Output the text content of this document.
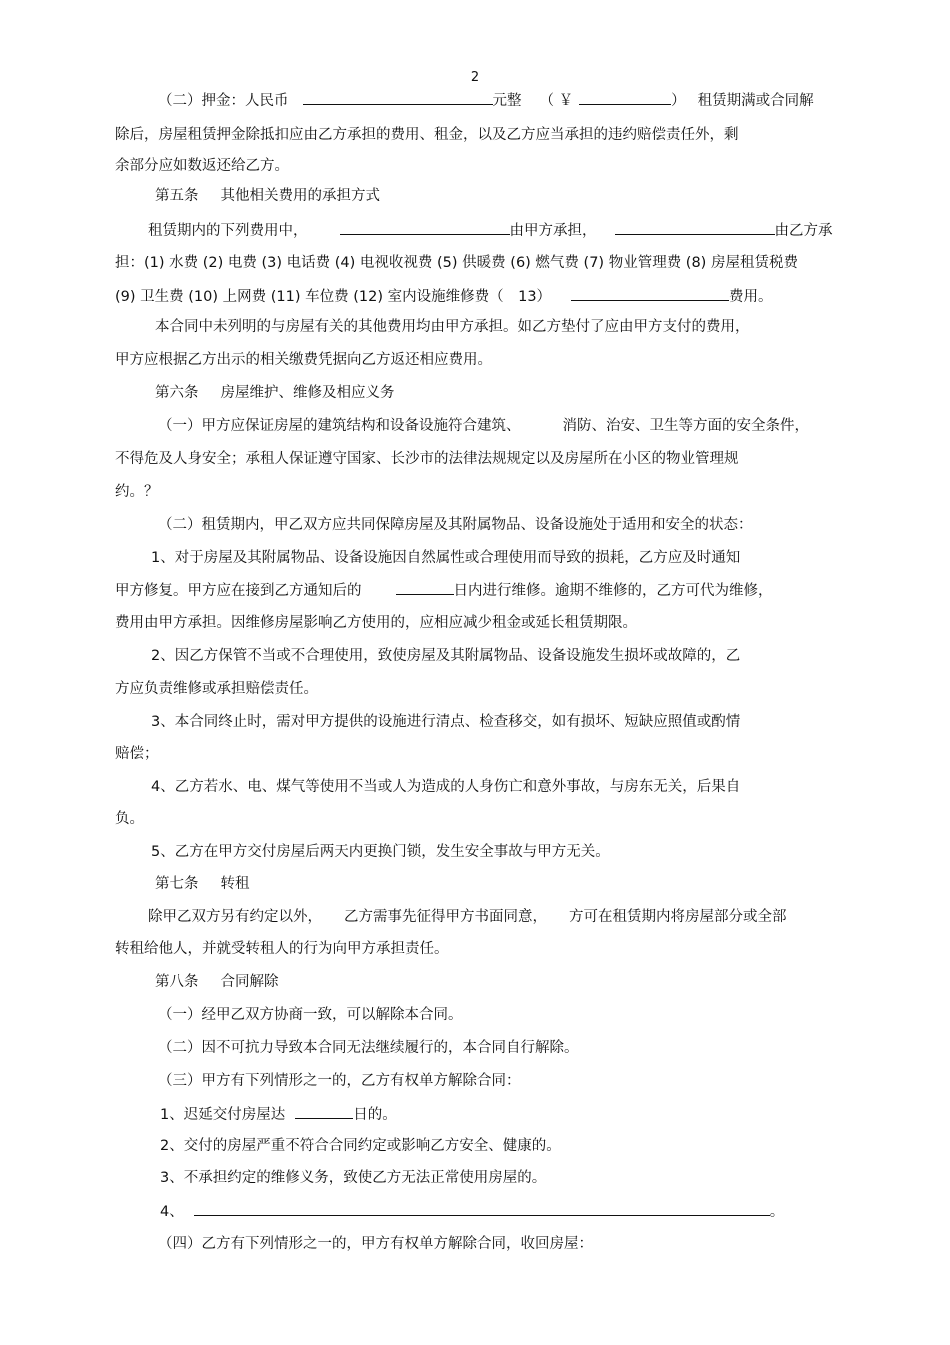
2
（二）押金：人民币	元整 （ ￥	） 租赁期满或合同解
除后，房屋租赁押金除抵扣应由乙方承担的费用、租金，以及乙方应当承担的违约赔偿责任外，剩
余部分应如数返还给乙方。
第五条 其他相关费用的承担方式
租赁期内的下列费用中，	由甲方承担，	由乙方承
担：(1) 水费 (2) 电费 (3) 电话费 (4) 电视收视费 (5) 供暖费 (6) 燃气费 (7) 物业管理费 (8) 房屋租赁税费
(9) 卫生费 (10) 上网费 (11) 车位费 (12) 室内设施维修费（　13）	费用。
本合同中未列明的与房屋有关的其他费用均由甲方承担。如乙方垫付了应由甲方支付的费用，
甲方应根据乙方出示的相关缴费凭据向乙方返还相应费用。
第六条 房屋维护、维修及相应义务
（一）甲方应保证房屋的建筑结构和设备设施符合建筑、	消防、治安、卫生等方面的安全条件，
不得危及人身安全；承租人保证遵守国家、长沙市的法律法规规定以及房屋所在小区的物业管理规
约。？
（二）租赁期内，甲乙双方应共同保障房屋及其附属物品、设备设施处于适用和安全的状态：
1、对于房屋及其附属物品、设备设施因自然属性或合理使用而导致的损耗，乙方应及时通知
甲方修复。甲方应在接到乙方通知后的	日内进行维修。逾期不维修的，乙方可代为维修，
费用由甲方承担。因维修房屋影响乙方使用的，应相应减少租金或延长租赁期限。
2、因乙方保管不当或不合理使用，致使房屋及其附属物品、设备设施发生损坏或故障的，乙
方应负责维修或承担赔偿责任。
3、本合同终止时，需对甲方提供的设施进行清点、检查移交，如有损坏、短缺应照值或酌情
赔偿；
4、乙方若水、电、煤气等使用不当或人为造成的人身伤亡和意外事故，与房东无关，后果自
负。
5、乙方在甲方交付房屋后两天内更换门锁，发生安全事故与甲方无关。
第七条 转租
除甲乙双方另有约定以外， 乙方需事先征得甲方书面同意， 方可在租赁期内将房屋部分或全部
转租给他人，并就受转租人的行为向甲方承担责任。
第八条 合同解除
（一）经甲乙双方协商一致，可以解除本合同。
（二）因不可抗力导致本合同无法继续履行的，本合同自行解除。
（三）甲方有下列情形之一的，乙方有权单方解除合同：
1、迟延交付房屋达	日的。
2、交付的房屋严重不符合合同约定或影响乙方安全、健康的。
3、不承担约定的维修义务，致使乙方无法正常使用房屋的。
4、	。
（四）乙方有下列情形之一的，甲方有权单方解除合同，收回房屋：
